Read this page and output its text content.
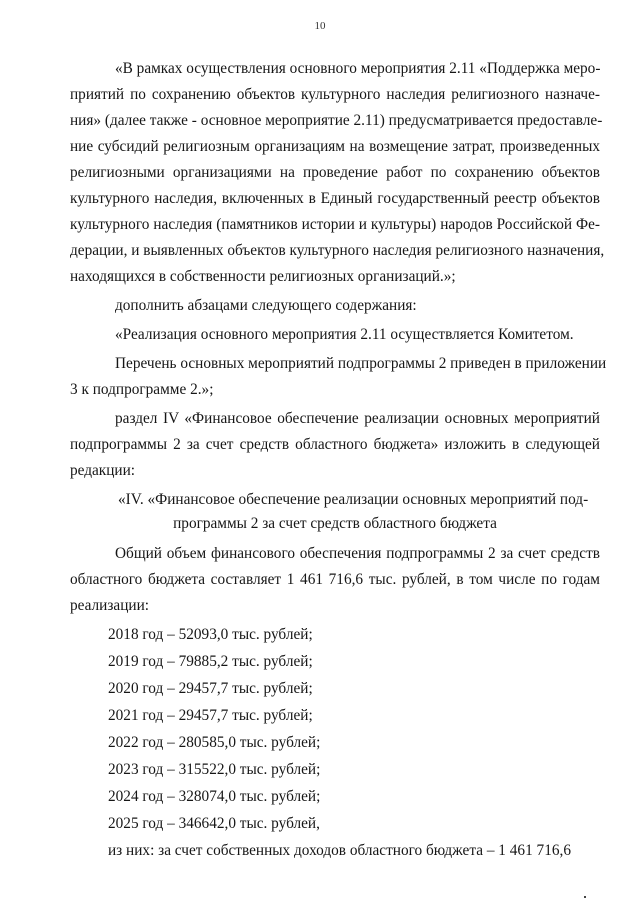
10
«В рамках осуществления основного мероприятия 2.11 «Поддержка меро-
приятий по сохранению объектов культурного наследия религиозного назначе-
ния» (далее также - основное мероприятие 2.11) предусматривается предоставле-
ние субсидий религиозным организациям на возмещение затрат, произведенных
религиозными организациями на проведение работ по сохранению объектов
культурного наследия, включенных в Единый государственный реестр объектов
культурного наследия (памятников истории и культуры) народов Российской Фе-
дерации, и выявленных объектов культурного наследия религиозного назначения,
находящихся в собственности религиозных организаций.»;
дополнить абзацами следующего содержания:
«Реализация основного мероприятия 2.11 осуществляется Комитетом.
Перечень основных мероприятий подпрограммы 2 приведен в приложении
3 к подпрограмме 2.»;
раздел IV «Финансовое обеспечение реализации основных мероприятий
подпрограммы 2 за счет средств областного бюджета» изложить в следующей
редакции:
«IV. «Финансовое обеспечение реализации основных мероприятий под-
программы 2 за счет средств областного бюджета
Общий объем финансового обеспечения подпрограммы 2 за счет средств
областного бюджета составляет 1 461 716,6 тыс. рублей, в том числе по годам
реализации:
2018 год – 52093,0 тыс. рублей;
2019 год – 79885,2 тыс. рублей;
2020 год – 29457,7 тыс. рублей;
2021 год – 29457,7 тыс. рублей;
2022 год – 280585,0 тыс. рублей;
2023 год – 315522,0 тыс. рублей;
2024 год – 328074,0 тыс. рублей;
2025 год – 346642,0 тыс. рублей,
из них: за счет собственных доходов областного бюджета – 1 461 716,6
